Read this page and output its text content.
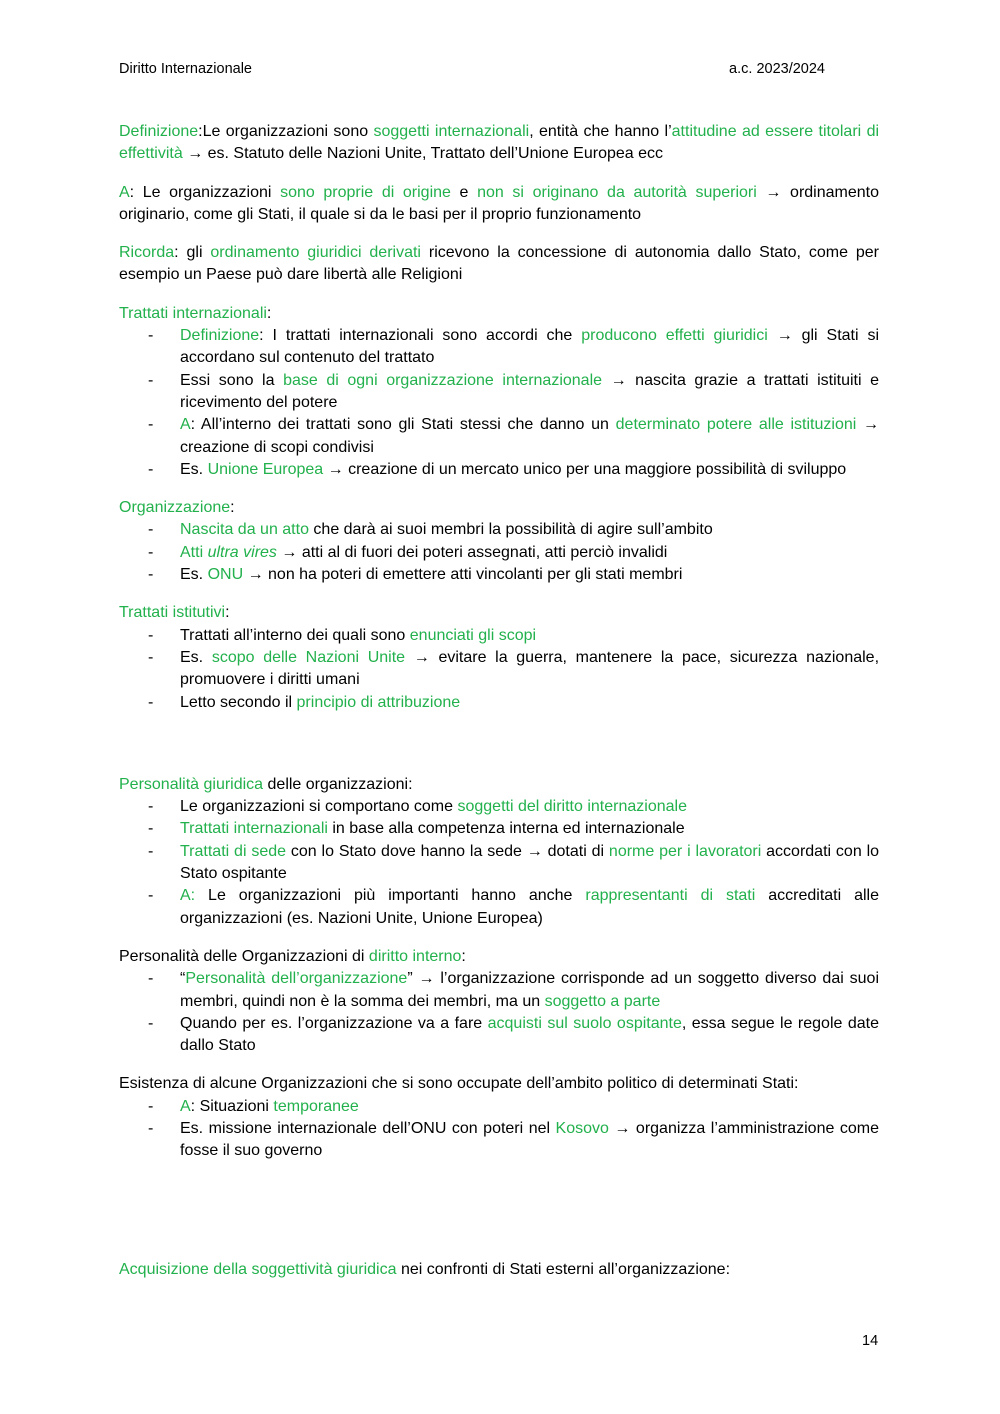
Diritto Internazionale	a.c. 2023/2024

Definizione:Le organizzazioni sono soggetti internazionali, entità che hanno l’attitudine ad essere titolari di effettività → es. Statuto delle Nazioni Unite, Trattato dell’Unione Europea ecc

A: Le organizzazioni sono proprie di origine e non si originano da autorità superiori → ordinamento originario, come gli Stati, il quale si da le basi per il proprio funzionamento

Ricorda: gli ordinamento giuridici derivati ricevono la concessione di autonomia dallo Stato, come per esempio un Paese può dare libertà alle Religioni

Trattati internazionali:

- Definizione: I trattati internazionali sono accordi che producono effetti giuridici → gli Stati si accordano sul contenuto del trattato
- Essi sono la base di ogni organizzazione internazionale → nascita grazie a trattati istituiti e ricevimento del potere
- A: All’interno dei trattati sono gli Stati stessi che danno un determinato potere alle istituzioni → creazione di scopi condivisi
- Es. Unione Europea → creazione di un mercato unico per una maggiore possibilità di sviluppo

Organizzazione:

- Nascita da un atto che darà ai suoi membri la possibilità di agire sull’ambito
- Atti ultra vires → atti al di fuori dei poteri assegnati, atti perciò invalidi
- Es. ONU → non ha poteri di emettere atti vincolanti per gli stati membri

Trattati istitutivi:

- Trattati all’interno dei quali sono enunciati gli scopi
- Es. scopo delle Nazioni Unite → evitare la guerra, mantenere la pace, sicurezza nazionale, promuovere i diritti umani
- Letto secondo il principio di attribuzione

Personalità giuridica delle organizzazioni:

- Le organizzazioni si comportano come soggetti del diritto internazionale
- Trattati internazionali in base alla competenza interna ed internazionale
- Trattati di sede con lo Stato dove hanno la sede → dotati di norme per i lavoratori accordati con lo Stato ospitante
- A: Le organizzazioni più importanti hanno anche rappresentanti di stati accreditati alle organizzazioni (es. Nazioni Unite, Unione Europea)

Personalità delle Organizzazioni di diritto interno:

- “Personalità dell’organizzazione” → l’organizzazione corrisponde ad un soggetto diverso dai suoi membri, quindi non è la somma dei membri, ma un soggetto a parte
- Quando per es. l’organizzazione va a fare acquisti sul suolo ospitante, essa segue le regole date dallo Stato

Esistenza di alcune Organizzazioni che si sono occupate dell’ambito politico di determinati Stati:

- A: Situazioni temporanee
- Es. missione internazionale dell’ONU con poteri nel Kosovo → organizza l’amministrazione come fosse il suo governo

Acquisizione della soggettività giuridica nei confronti di Stati esterni all’organizzazione:

14
